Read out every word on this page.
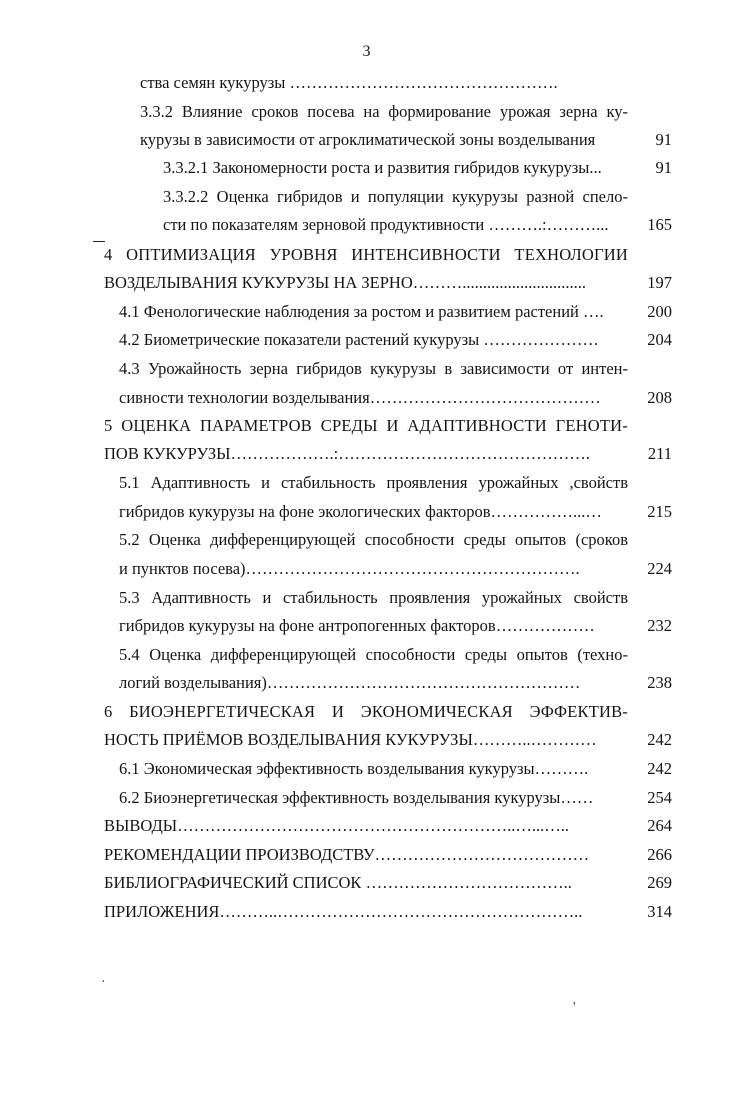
3
ства семян кукурузы ………………………………………….
3.3.2 Влияние сроков посева на формирование урожая зерна ку-
курузы в зависимости от агроклиматической зоны возделывания	91
3.3.2.1 Закономерности роста и развития гибридов кукурузы...	91
3.3.2.2 Оценка гибридов и популяции кукурузы разной спело-
сти по показателям зерновой продуктивности ……….:………...	165
4 ОПТИМИЗАЦИЯ УРОВНЯ ИНТЕНСИВНОСТИ ТЕХНОЛОГИИ
ВОЗДЕЛЫВАНИЯ КУКУРУЗЫ НА ЗЕРНО………..............................	197
4.1 Фенологические наблюдения за ростом и развитием растений ….	200
4.2 Биометрические показатели растений кукурузы …………………	204
4.3 Урожайность зерна гибридов кукурузы в зависимости от интен-
сивности технологии возделывания……………………………………	208
5 ОЦЕНКА ПАРАМЕТРОВ СРЕДЫ И АДАПТИВНОСТИ ГЕНОТИ-
ПОВ КУКУРУЗЫ……………….:……………………………………….	211
5.1 Адаптивность и стабильность проявления урожайных ,свойств
гибридов кукурузы на фоне экологических факторов……………...…	215
5.2 Оценка дифференцирующей способности среды опытов (сроков
и пунктов посева)…………………………………………………….	224
5.3 Адаптивность и стабильность проявления урожайных свойств
гибридов кукурузы на фоне антропогенных факторов………………	232
5.4 Оценка дифференцирующей способности среды опытов (техно-
логий возделывания)…………………………………………………	238
6 БИОЭНЕРГЕТИЧЕСКАЯ И ЭКОНОМИЧЕСКАЯ ЭФФЕКТИВ-
НОСТЬ ПРИЁМОВ ВОЗДЕЛЫВАНИЯ КУКУРУЗЫ………..…………	242
6.1 Экономическая эффективность возделывания кукурузы……….	242
6.2 Биоэнергетическая эффективность возделывания кукурузы……	254
ВЫВОДЫ……………………………………………………..…...…..	264
РЕКОМЕНДАЦИИ ПРОИЗВОДСТВУ…………………………………	266
БИБЛИОГРАФИЧЕСКИЙ СПИСОК ………………………………..	269
ПРИЛОЖЕНИЯ………..………………………………………………..	314
·
'
